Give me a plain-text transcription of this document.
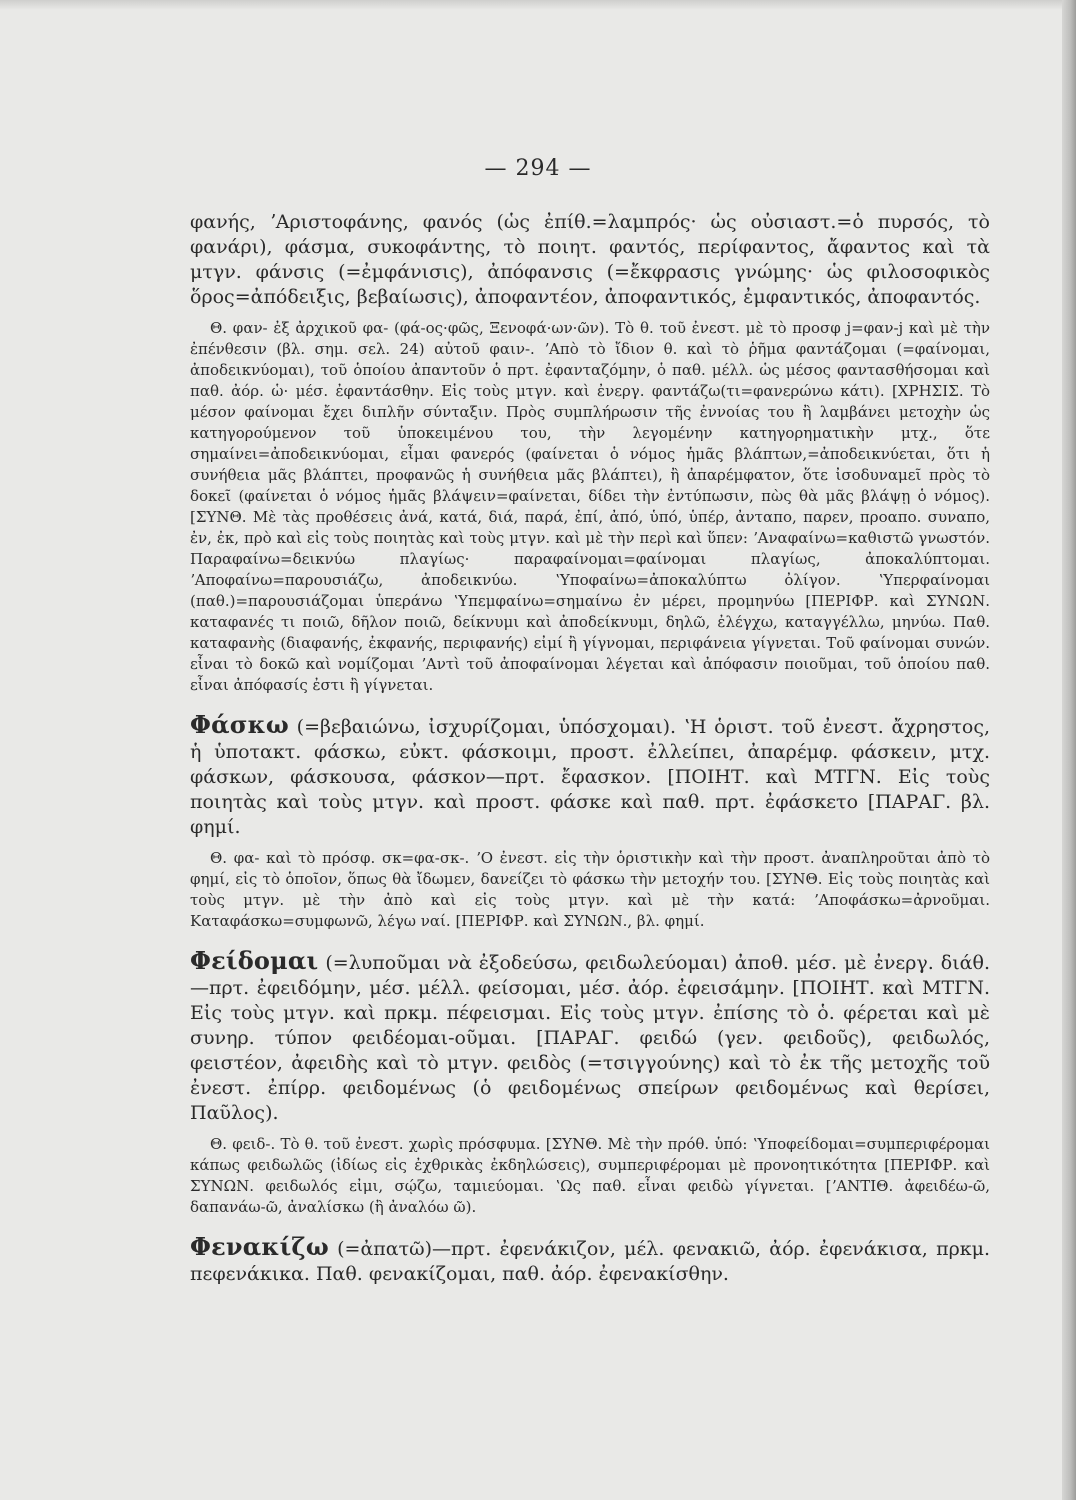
— 294 —

φανής, ʼΑριστοφάνης, φανός (ὡς ἐπίθ.=λαμπρός· ὡς οὐσιαστ.=ὁ πυρσός, τὸ φανάρι), φάσμα, συκοφάντης, τὸ ποιητ. φαντός, περίφαντος, ἄφαντος καὶ τὰ μτγν. φάνσις (=ἐμφάνισις), ἀπόφανσις (=ἔκφρασις γνώμης· ὡς φιλοσοφικὸς ὅρος=ἀπόδειξις, βεβαίωσις), ἀποφαντέον, ἀποφαντικός, ἐμφαντικός, ἀποφαντός.

Θ. φαν- ἐξ ἀρχικοῦ φα- (φά-ος·φῶς, Ξενοφά·ων·ῶν). Τὸ θ. τοῦ ἐνεστ. μὲ τὸ προσφ j=φαν-j καὶ μὲ τὴν ἐπένθεσιν (βλ. σημ. σελ. 24) αὐτοῦ φαιν-. ʼΑπὸ τὸ ἴδιον θ. καὶ τὸ ῥῆμα φαντάζομαι (=φαίνομαι, ἀποδεικνύομαι), τοῦ ὁποίου ἀπαντοῦν ὁ πρτ. ἐφανταζόμην, ὁ παθ. μέλλ. ὡς μέσος φαντασθήσομαι καὶ παθ. ἀόρ. ὡ· μέσ. ἐφαντάσθην. Εἰς τοὺς μτγν. καὶ ἐνεργ. φαντάζω(τι=φανερώνω κάτι). [ΧΡΗΣΙΣ. Τὸ μέσον φαίνομαι ἔχει διπλῆν σύνταξιν. Πρὸς συμπλήρωσιν τῆς ἐννοίας του ἢ λαμβάνει μετοχὴν ὡς κατηγορούμενον τοῦ ὑποκειμένου του, τὴν λεγομένην κατηγορηματικὴν μτχ., ὅτε σημαίνει=ἀποδεικνύομαι, εἶμαι φανερός (φαίνεται ὁ νόμος ἡμᾶς βλάπτων,=ἀποδεικνύεται, ὅτι ἡ συνήθεια μᾶς βλάπτει, προφανῶς ἡ συνήθεια μᾶς βλάπτει), ἢ ἀπαρέμφατον, ὅτε ἰσοδυναμεῖ πρὸς τὸ δοκεῖ (φαίνεται ὁ νόμος ἡμᾶς βλάψειν=φαίνεται, δίδει τὴν ἐντύπωσιν, πὼς θὰ μᾶς βλάψῃ ὁ νόμος). [ΣΥΝΘ. Μὲ τὰς προθέσεις ἀνά, κατά, διά, παρά, ἐπί, ἀπό, ὑπό, ὑπέρ, ἀνταπο, παρεν, προαπο. συναπο, ἐν, ἐκ, πρὸ καὶ εἰς τοὺς ποιητὰς καὶ τοὺς μτγν. καὶ μὲ τὴν περὶ καὶ ὕπεν: ʼΑναφαίνω=καθιστῶ γνωστόν. Παραφαίνω=δεικνύω πλαγίως· παραφαίνομαι=φαίνομαι πλαγίως, ἀποκαλύπτομαι. ʼΑποφαίνω=παρουσιάζω, ἀποδεικνύω. ʽΥποφαίνω=ἀποκαλύπτω ὀλίγον. ʽΥπερφαίνομαι (παθ.)=παρουσιάζομαι ὑπεράνω ʽΥπεμφαίνω=σημαίνω ἐν μέρει, προμηνύω [ΠΕΡΙΦΡ. καὶ ΣΥΝΩΝ. καταφανές τι ποιῶ, δῆλον ποιῶ, δείκνυμι καὶ ἀποδείκνυμι, δηλῶ, ἐλέγχω, καταγγέλλω, μηνύω. Παθ. καταφανὴς (διαφανής, ἐκφανής, περιφανής) εἰμί ἢ γίγνομαι, περιφάνεια γίγνεται. Τοῦ φαίνομαι συνών. εἶναι τὸ δοκῶ καὶ νομίζομαι ʼΑντὶ τοῦ ἀποφαίνομαι λέγεται καὶ ἀπόφασιν ποιοῦμαι, τοῦ ὁποίου παθ. εἶναι ἀπόφασίς ἐστι ἢ γίγνεται.

Φάσκω (=βεβαιώνω, ἰσχυρίζομαι, ὑπόσχομαι). ʽΗ ὁριστ. τοῦ ἐνεστ. ἄχρηστος, ἡ ὑποτακτ. φάσκω, εὐκτ. φάσκοιμι, προστ. ἐλλείπει, ἀπαρέμφ. φάσκειν, μτχ. φάσκων, φάσκουσα, φάσκον—πρτ. ἔφασκον. [ΠΟΙΗΤ. καὶ ΜΤΓΝ. Εἰς τοὺς ποιητὰς καὶ τοὺς μτγν. καὶ προστ. φάσκε καὶ παθ. πρτ. ἐφάσκετο [ΠΑΡΑΓ. βλ. φημί.

Θ. φα- καὶ τὸ πρόσφ. σκ=φα-σκ-. ʼΟ ἐνεστ. εἰς τὴν ὁριστικὴν καὶ τὴν προστ. ἀναπληροῦται ἀπὸ τὸ φημί, εἰς τὸ ὁποῖον, ὅπως θὰ ἴδωμεν, δανείζει τὸ φάσκω τὴν μετοχήν του. [ΣΥΝΘ. Εἰς τοὺς ποιητὰς καὶ τοὺς μτγν. μὲ τὴν ἀπὸ καὶ εἰς τοὺς μτγν. καὶ μὲ τὴν κατά: ʼΑποφάσκω=ἀρνοῦμαι. Καταφάσκω=συμφωνῶ, λέγω ναί. [ΠΕΡΙΦΡ. καὶ ΣΥΝΩΝ., βλ. φημί.

Φείδομαι (=λυποῦμαι νὰ ἐξοδεύσω, φειδωλεύομαι) ἀποθ. μέσ. μὲ ἐνεργ. διάθ.—πρτ. ἐφειδόμην, μέσ. μέλλ. φείσομαι, μέσ. ἀόρ. ἐφεισάμην. [ΠΟΙΗΤ. καὶ ΜΤΓΝ. Εἰς τοὺς μτγν. καὶ πρκμ. πέφεισμαι. Εἰς τοὺς μτγν. ἐπίσης τὸ ὁ. φέρεται καὶ μὲ συνηρ. τύπον φειδέομαι-οῦμαι. [ΠΑΡΑΓ. φειδώ (γεν. φειδοῦς), φειδωλός, φειστέον, ἀφειδὴς καὶ τὸ μτγν. φειδὸς (=τσιγγούνης) καὶ τὸ ἐκ τῆς μετοχῆς τοῦ ἐνεστ. ἐπίρρ. φειδομένως (ὁ φειδομένως σπείρων φειδομένως καὶ θερίσει, Παῦλος).

Θ. φειδ-. Τὸ θ. τοῦ ἐνεστ. χωρὶς πρόσφυμα. [ΣΥΝΘ. Μὲ τὴν πρόθ. ὑπό: ʽΥποφείδομαι=συμπεριφέρομαι κάπως φειδωλῶς (ἰδίως εἰς ἐχθρικὰς ἐκδηλώσεις), συμπεριφέρομαι μὲ προνοητικότητα [ΠΕΡΙΦΡ. καὶ ΣΥΝΩΝ. φειδωλός εἰμι, σῴζω, ταμιεύομαι. ʽΩς παθ. εἶναι φειδὼ γίγνεται. [ʼΑΝΤΙΘ. ἀφειδέω-ῶ, δαπανάω-ῶ, ἀναλίσκω (ἢ ἀναλόω ῶ).

Φενακίζω (=ἀπατῶ)—πρτ. ἐφενάκιζον, μέλ. φενακιῶ, ἀόρ. ἐφενάκισα, πρκμ. πεφενάκικα. Παθ. φενακίζομαι, παθ. ἀόρ. ἐφενακίσθην.
